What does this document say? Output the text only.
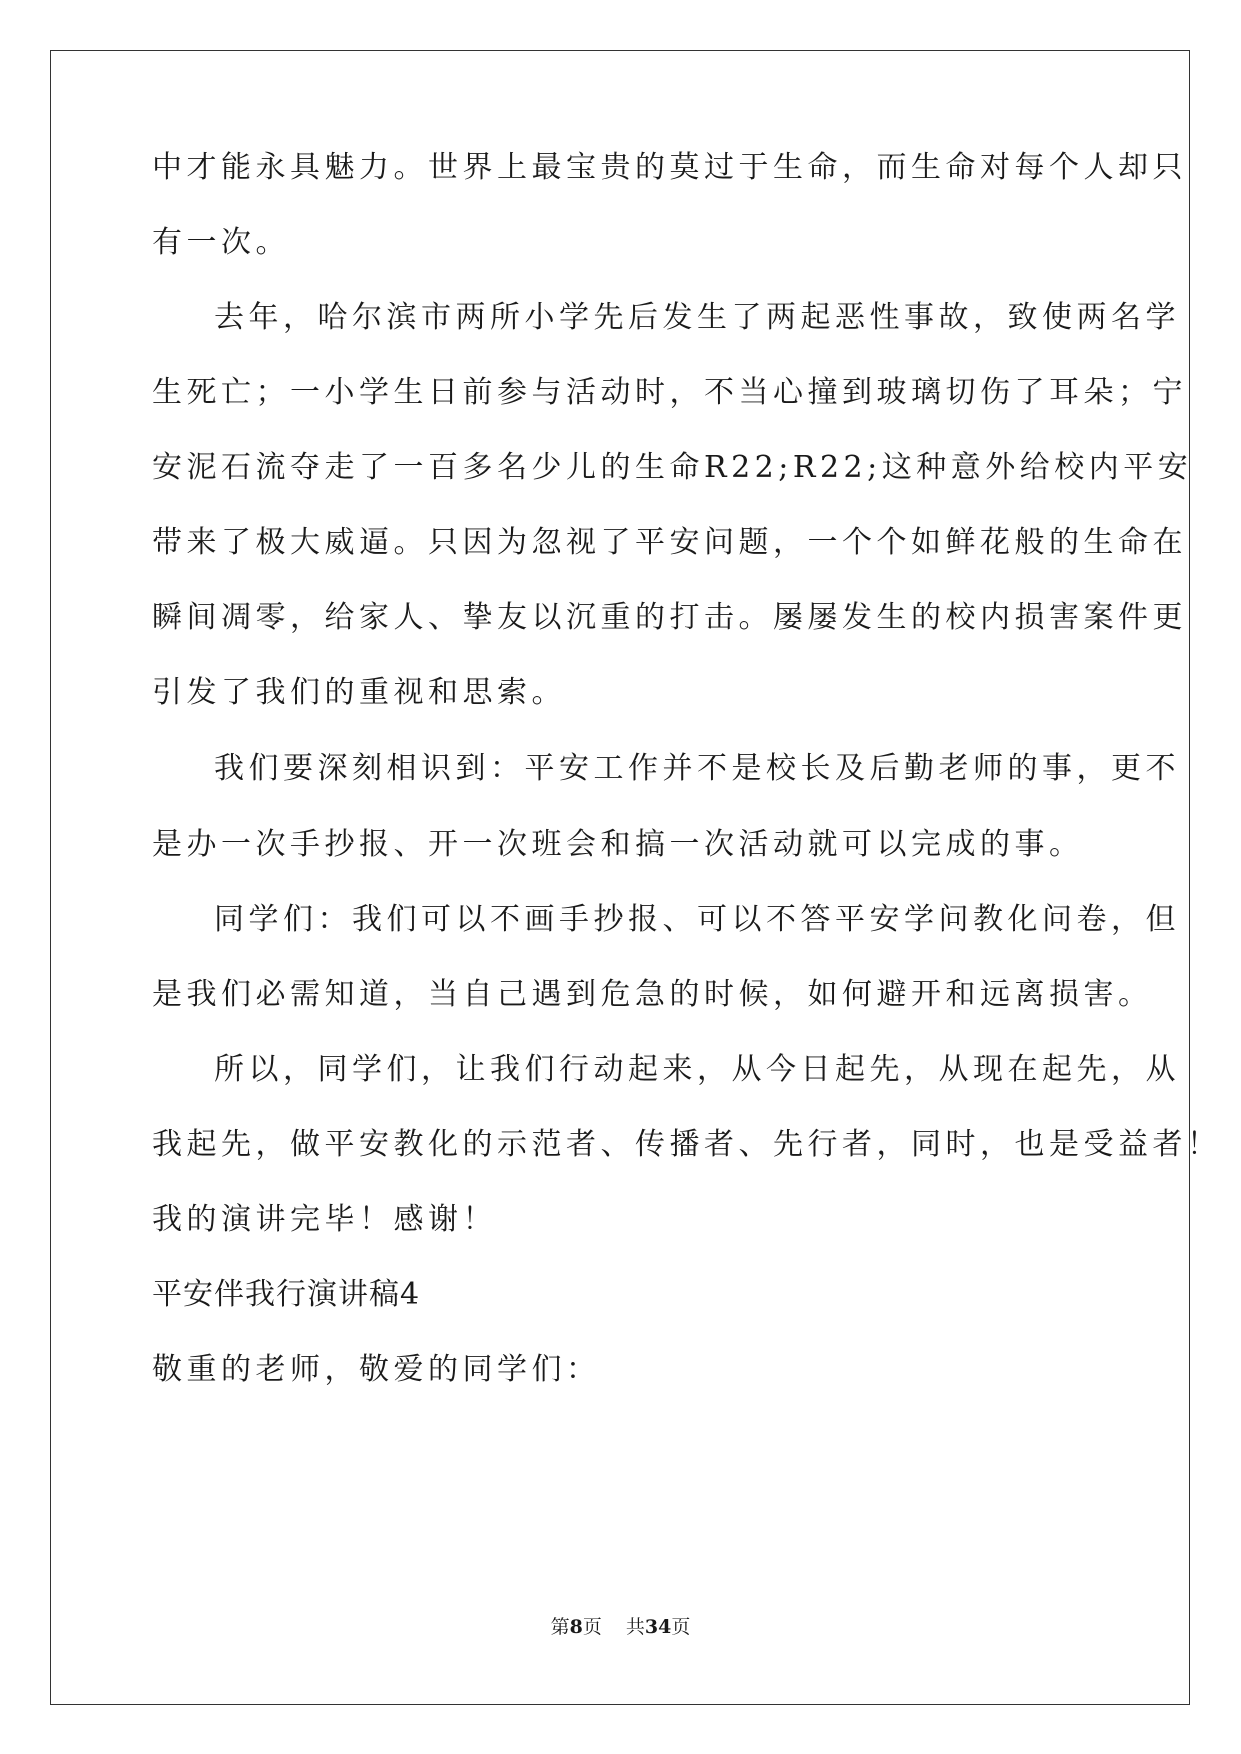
中才能永具魅力。世界上最宝贵的莫过于生命，而生命对每个人却只
有一次。
去年，哈尔滨市两所小学先后发生了两起恶性事故，致使两名学
生死亡；一小学生日前参与活动时，不当心撞到玻璃切伤了耳朵；宁
安泥石流夺走了一百多名少儿的生命R22;R22;这种意外给校内平安
带来了极大威逼。只因为忽视了平安问题，一个个如鲜花般的生命在
瞬间凋零，给家人、挚友以沉重的打击。屡屡发生的校内损害案件更
引发了我们的重视和思索。
我们要深刻相识到：平安工作并不是校长及后勤老师的事，更不
是办一次手抄报、开一次班会和搞一次活动就可以完成的事。
同学们：我们可以不画手抄报、可以不答平安学问教化问卷，但
是我们必需知道，当自己遇到危急的时候，如何避开和远离损害。
所以，同学们，让我们行动起来，从今日起先，从现在起先，从
我起先，做平安教化的示范者、传播者、先行者，同时，也是受益者！
我的演讲完毕！感谢！
平安伴我行演讲稿4
敬重的老师，敬爱的同学们：
第8页 共34页
